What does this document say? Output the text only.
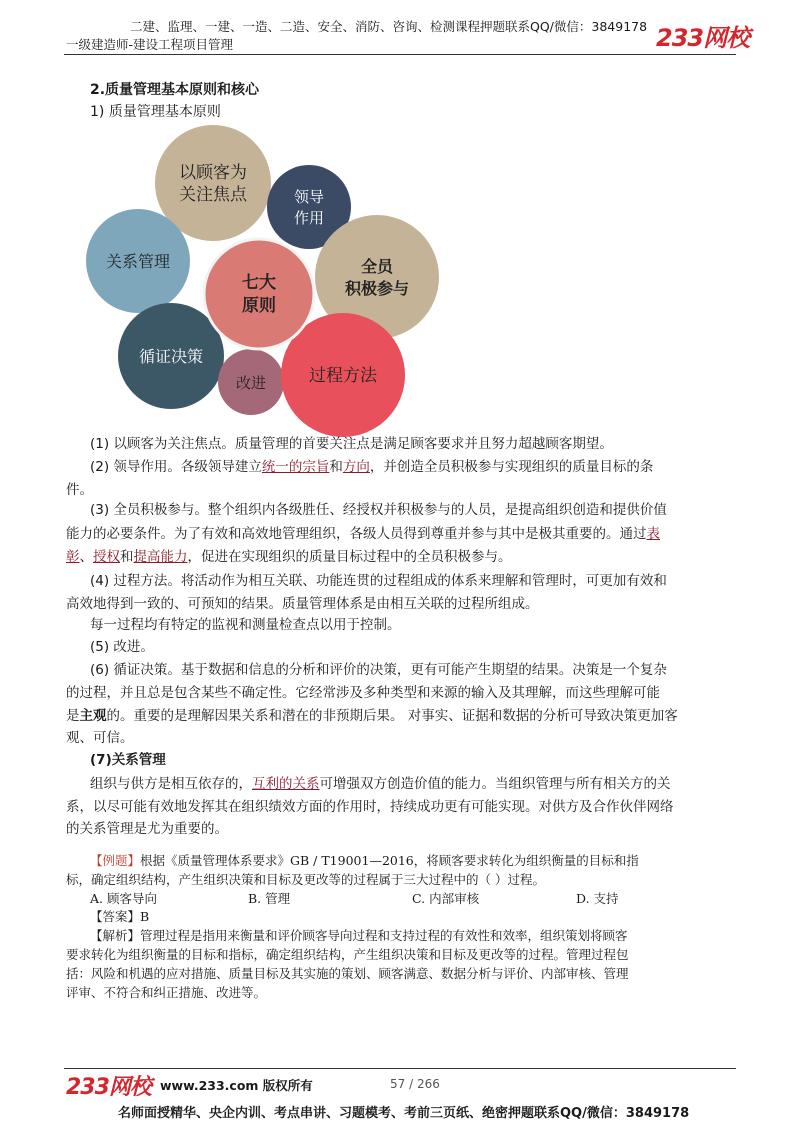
二建、监理、一建、一造、二造、安全、消防、咨询、检测课程押题联系QQ/微信：3849178
一级建造师-建设工程项目管理	233网校
2.质量管理基本原则和核心
1) 质量管理基本原则
以顾客为
关注焦点	领导
作用
全员
积极参与
关系管理
循证决策
改进	过程方法
七大
原则
(1) 以顾客为关注焦点。质量管理的首要关注点是满足顾客要求并且努力超越顾客期望。
(2) 领导作用。各级领导建立统一的宗旨和方向，并创造全员积极参与实现组织的质量目标的条
件。
(3) 全员积极参与。整个组织内各级胜任、经授权并积极参与的人员，是提高组织创造和提供价值
能力的必要条件。为了有效和高效地管理组织，各级人员得到尊重并参与其中是极其重要的。通过表
彰、授权和提高能力，促进在实现组织的质量目标过程中的全员积极参与。
(4) 过程方法。将活动作为相互关联、功能连贯的过程组成的体系来理解和管理时，可更加有效和
高效地得到一致的、可预知的结果。质量管理体系是由相互关联的过程所组成。
每一过程均有特定的监视和测量检查点以用于控制。
(5) 改进。
(6) 循证决策。基于数据和信息的分析和评价的决策，更有可能产生期望的结果。决策是一个复杂
的过程，并且总是包含某些不确定性。它经常涉及多种类型和来源的输入及其理解，而这些理解可能
是主观的。重要的是理解因果关系和潜在的非预期后果。 对事实、证据和数据的分析可导致决策更加客
观、可信。
(7)关系管理
组织与供方是相互依存的，互利的关系可增强双方创造价值的能力。当组织管理与所有相关方的关
系，以尽可能有效地发挥其在组织绩效方面的作用时，持续成功更有可能实现。对供方及合作伙伴网络
的关系管理是尤为重要的。
【例题】根据《质量管理体系要求》GB / T19001—2016，将顾客要求转化为组织衡量的目标和指
标，确定组织结构，产生组织决策和目标及更改等的过程属于三大过程中的（ ）过程。
A. 顾客导向	B. 管理	C. 内部审核	D. 支持
【答案】B
【解析】管理过程是指用来衡量和评价顾客导向过程和支持过程的有效性和效率，组织策划将顾客
要求转化为组织衡量的目标和指标，确定组织结构，产生组织决策和目标及更改等的过程。管理过程包
括：风险和机遇的应对措施、质量目标及其实施的策划、顾客满意、数据分析与评价、内部审核、管理
评审、不符合和纠正措施、改进等。
233网校 www.233.com 版权所有	57 / 266
名师面授精华、央企内训、考点串讲、习题模考、考前三页纸、绝密押题联系QQ/微信：3849178
